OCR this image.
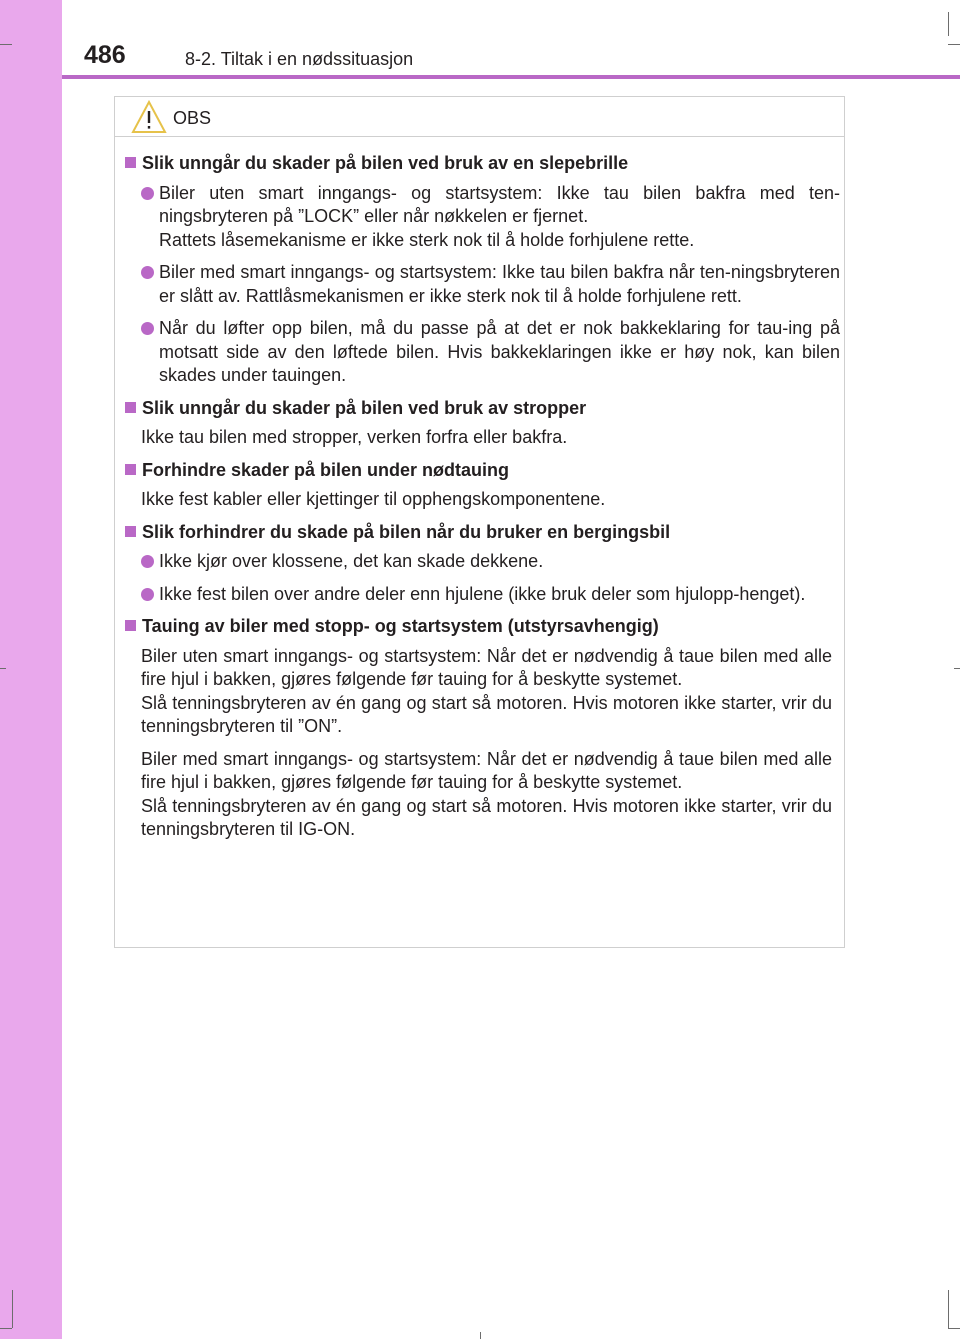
486	8-2. Tiltak i en nødssituasjon
OBS
Slik unngår du skader på bilen ved bruk av en slepebrille
Biler uten smart inngangs- og startsystem: Ikke tau bilen bakfra med ten-ningsbryteren på ”LOCK” eller når nøkkelen er fjernet.
Rattets låsemekanisme er ikke sterk nok til å holde forhjulene rette.
Biler med smart inngangs- og startsystem: Ikke tau bilen bakfra når ten-ningsbryteren er slått av. Rattlåsmekanismen er ikke sterk nok til å holde forhjulene rett.
Når du løfter opp bilen, må du passe på at det er nok bakkeklaring for tau-ing på motsatt side av den løftede bilen. Hvis bakkeklaringen ikke er høy nok, kan bilen skades under tauingen.
Slik unngår du skader på bilen ved bruk av stropper
Ikke tau bilen med stropper, verken forfra eller bakfra.
Forhindre skader på bilen under nødtauing
Ikke fest kabler eller kjettinger til opphengskomponentene.
Slik forhindrer du skade på bilen når du bruker en bergingsbil
Ikke kjør over klossene, det kan skade dekkene.
Ikke fest bilen over andre deler enn hjulene (ikke bruk deler som hjulopp-henget).
Tauing av biler med stopp- og startsystem (utstyrsavhengig)
Biler uten smart inngangs- og startsystem: Når det er nødvendig å taue bilen med alle fire hjul i bakken, gjøres følgende før tauing for å beskytte systemet.
Slå tenningsbryteren av én gang og start så motoren. Hvis motoren ikke starter, vrir du tenningsbryteren til ”ON”.
Biler med smart inngangs- og startsystem: Når det er nødvendig å taue bilen med alle fire hjul i bakken, gjøres følgende før tauing for å beskytte systemet.
Slå tenningsbryteren av én gang og start så motoren. Hvis motoren ikke starter, vrir du tenningsbryteren til IG-ON.
